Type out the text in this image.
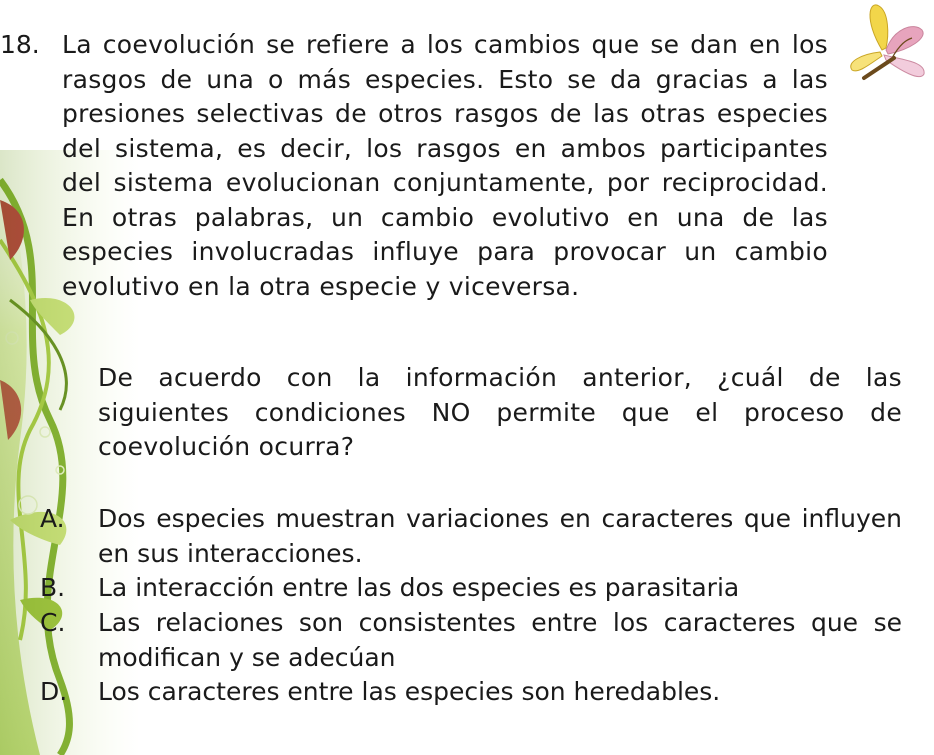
18. La coevolución se refiere a los cambios que se dan en los rasgos de una o más especies. Esto se da gracias a las presiones selectivas de otros rasgos de las otras especies del sistema, es decir, los rasgos en ambos participantes del sistema evolucionan conjuntamente, por reciprocidad. En otras palabras, un cambio evolutivo en una de las especies involucradas influye para provocar un cambio evolutivo en la otra especie y viceversa.
De acuerdo con la información anterior, ¿cuál de las siguientes condiciones NO permite que el proceso de coevolución ocurra?
A. Dos especies muestran variaciones en caracteres que influyen en sus interacciones.
B. La interacción entre las dos especies es parasitaria
C. Las relaciones son consistentes entre los caracteres que se modifican y se adecúan
D. Los caracteres entre las especies son heredables.
